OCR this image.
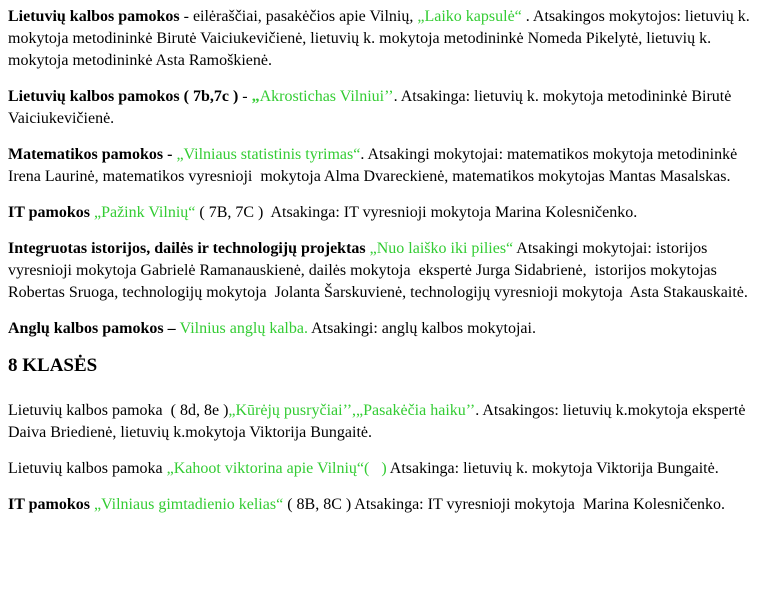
Lietuvių kalbos pamokos - eilėraščiai, pasakėčios apie Vilnių, „Laiko kapsulė“ . Atsakingos mokytojos: lietuvių k. mokytoja metodininkė Birutė Vaiciukevičienė, lietuvių k. mokytoja metodininkė Nomeda Pikelytė, lietuvių k. mokytoja metodininkė Asta Ramoškienė.

Lietuvių kalbos pamokos ( 7b,7c ) - „Akrostichas Vilniui’’. Atsakinga: lietuvių k. mokytoja metodininkė Birutė Vaiciukevičienė.

Matematikos pamokos - „Vilniaus statistinis tyrimas“. Atsakingi mokytojai: matematikos mokytoja metodininkė Irena Laurinė, matematikos vyresnioji  mokytoja Alma Dvareckienė, matematikos mokytojas Mantas Masalskas.

IT pamokos „Pažink Vilnių“ ( 7B, 7C )  Atsakinga: IT vyresnioji mokytoja Marina Kolesničenko.

Integruotas istorijos, dailės ir technologijų projektas „Nuo laiško iki pilies“ Atsakingi mokytojai: istorijos vyresnioji mokytoja Gabrielė Ramanauskienė, dailės mokytoja  ekspertė Jurga Sidabrienė,  istorijos mokytojas Robertas Sruoga, technologijų mokytoja  Jolanta Šarskuvienė, technologijų vyresnioji mokytoja  Asta Stakauskaitė.

Anglų kalbos pamokos – Vilnius anglų kalba. Atsakingi: anglų kalbos mokytojai.

8 KLASĖS

Lietuvių kalbos pamoka  ( 8d, 8e )„Kūrėjų pusryčiai’’,„Pasakėčia haiku’’. Atsakingos: lietuvių k.mokytoja ekspertė Daiva Briedienė, lietuvių k.mokytoja Viktorija Bungaitė.

Lietuvių kalbos pamoka „Kahoot viktorina apie Vilnių“(   ) Atsakinga: lietuvių k. mokytoja Viktorija Bungaitė.

IT pamokos „Vilniaus gimtadienio kelias“ ( 8B, 8C ) Atsakinga: IT vyresnioji mokytoja  Marina Kolesničenko.
